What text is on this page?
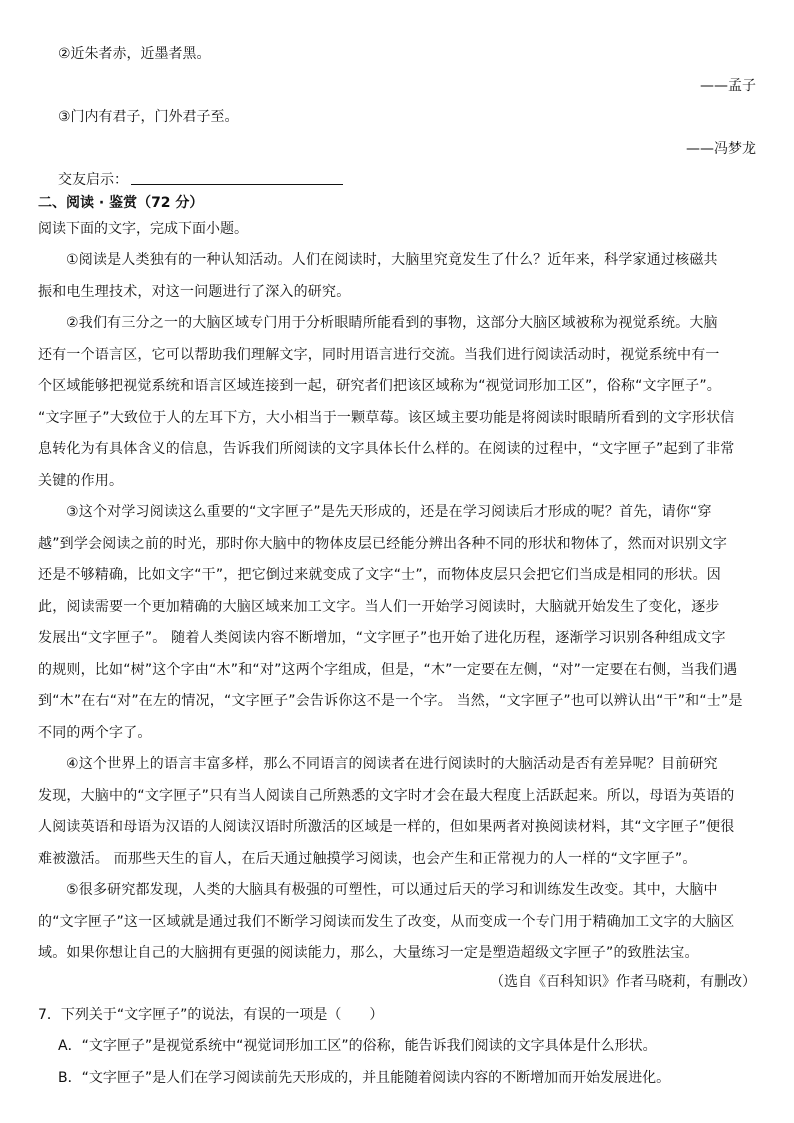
②近朱者赤，近墨者黑。

——孟子

③门内有君子，门外君子至。

——冯梦龙

交友启示：

二、阅读 · 鉴赏（72 分）

阅读下面的文字，完成下面小题。

①阅读是人类独有的一种认知活动。人们在阅读时，大脑里究竟发生了什么？近年来，科学家通过核磁共

振和电生理技术，对这一问题进行了深入的研究。

②我们有三分之一的大脑区域专门用于分析眼睛所能看到的事物，这部分大脑区域被称为视觉系统。大脑

还有一个语言区，它可以帮助我们理解文字，同时用语言进行交流。当我们进行阅读活动时，视觉系统中有一

个区域能够把视觉系统和语言区域连接到一起，研究者们把该区域称为“视觉词形加工区”，俗称“文字匣子”。

“文字匣子”大致位于人的左耳下方，大小相当于一颗草莓。该区域主要功能是将阅读时眼睛所看到的文字形状信

息转化为有具体含义的信息，告诉我们所阅读的文字具体长什么样的。在阅读的过程中，“文字匣子”起到了非常

关键的作用。

③这个对学习阅读这么重要的“文字匣子”是先天形成的，还是在学习阅读后才形成的呢？首先，请你“穿

越”到学会阅读之前的时光，那时你大脑中的物体皮层已经能分辨出各种不同的形状和物体了，然而对识别文字

还是不够精确，比如文字“干”，把它倒过来就变成了文字“士”，而物体皮层只会把它们当成是相同的形状。因

此，阅读需要一个更加精确的大脑区域来加工文字。当人们一开始学习阅读时，大脑就开始发生了变化，逐步

发展出“文字匣子”。 随着人类阅读内容不断增加，“文字匣子”也开始了进化历程，逐渐学习识别各种组成文字

的规则，比如“树”这个字由“木”和“对”这两个字组成，但是，“木”一定要在左侧，“对”一定要在右侧，当我们遇

到“木”在右“对”在左的情况，“文字匣子”会告诉你这不是一个字。 当然，“文字匣子”也可以辨认出“干”和“士”是

不同的两个字了。

④这个世界上的语言丰富多样，那么不同语言的阅读者在进行阅读时的大脑活动是否有差异呢？目前研究

发现，大脑中的“文字匣子”只有当人阅读自己所熟悉的文字时才会在最大程度上活跃起来。所以，母语为英语的

人阅读英语和母语为汉语的人阅读汉语时所激活的区域是一样的，但如果两者对换阅读材料，其“文字匣子”便很

难被激活。 而那些天生的盲人，在后天通过触摸学习阅读，也会产生和正常视力的人一样的“文字匣子”。

⑤很多研究都发现，人类的大脑具有极强的可塑性，可以通过后天的学习和训练发生改变。其中，大脑中

的“文字匣子”这一区域就是通过我们不断学习阅读而发生了改变，从而变成一个专门用于精确加工文字的大脑区

域。如果你想让自己的大脑拥有更强的阅读能力，那么，大量练习一定是塑造超级文字匣子”的致胜法宝。

（选自《百科知识》作者马晓莉，有删改）

7．下列关于“文字匣子”的说法，有误的一项是（　　）

A．“文字匣子”是视觉系统中“视觉词形加工区”的俗称，能告诉我们阅读的文字具体是什么形状。

B．“文字匣子”是人们在学习阅读前先天形成的，并且能随着阅读内容的不断增加而开始发展进化。
